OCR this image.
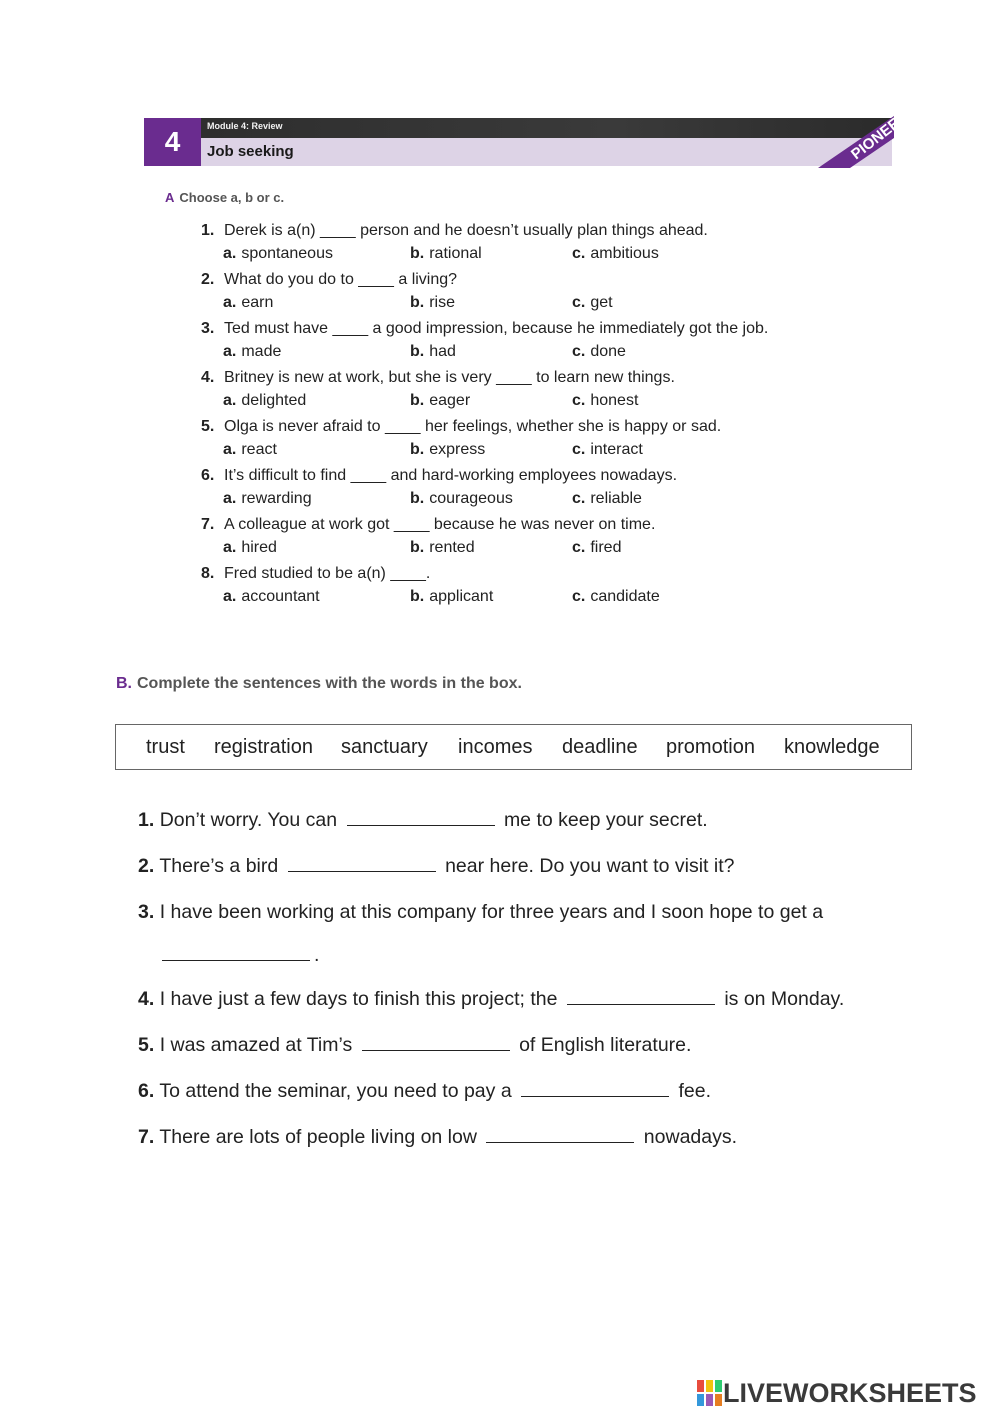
4	Module 4: Review
Job seeking	PIONEER
A Choose a, b or c.
1. Derek is a(n) ____ person and he doesn’t usually plan things ahead.
a. spontaneous	b. rational	c. ambitious
2. What do you do to ____ a living?
a. earn	b. rise	c. get
3. Ted must have ____ a good impression, because he immediately got the job.
a. made	b. had	c. done
4. Britney is new at work, but she is very ____ to learn new things.
a. delighted	b. eager	c. honest
5. Olga is never afraid to ____ her feelings, whether she is happy or sad.
a. react	b. express	c. interact
6. It’s difficult to find ____ and hard-working employees nowadays.
a. rewarding	b. courageous	c. reliable
7. A colleague at work got ____ because he was never on time.
a. hired	b. rented	c. fired
8. Fred studied to be a(n) ____.
a. accountant	b. applicant	c. candidate
B. Complete the sentences with the words in the box.
trust registration sanctuary incomes deadline promotion knowledge
1. Don’t worry. You can	me to keep your secret.
2. There’s a bird	near here. Do you want to visit it?
3. I have been working at this company for three years and I soon hope to get a
.
4. I have just a few days to finish this project; the	is on Monday.
5. I was amazed at Tim’s	of English literature.
6. To attend the seminar, you need to pay a	fee.
7. There are lots of people living on low	nowadays.
LIVEWORKSHEETS
